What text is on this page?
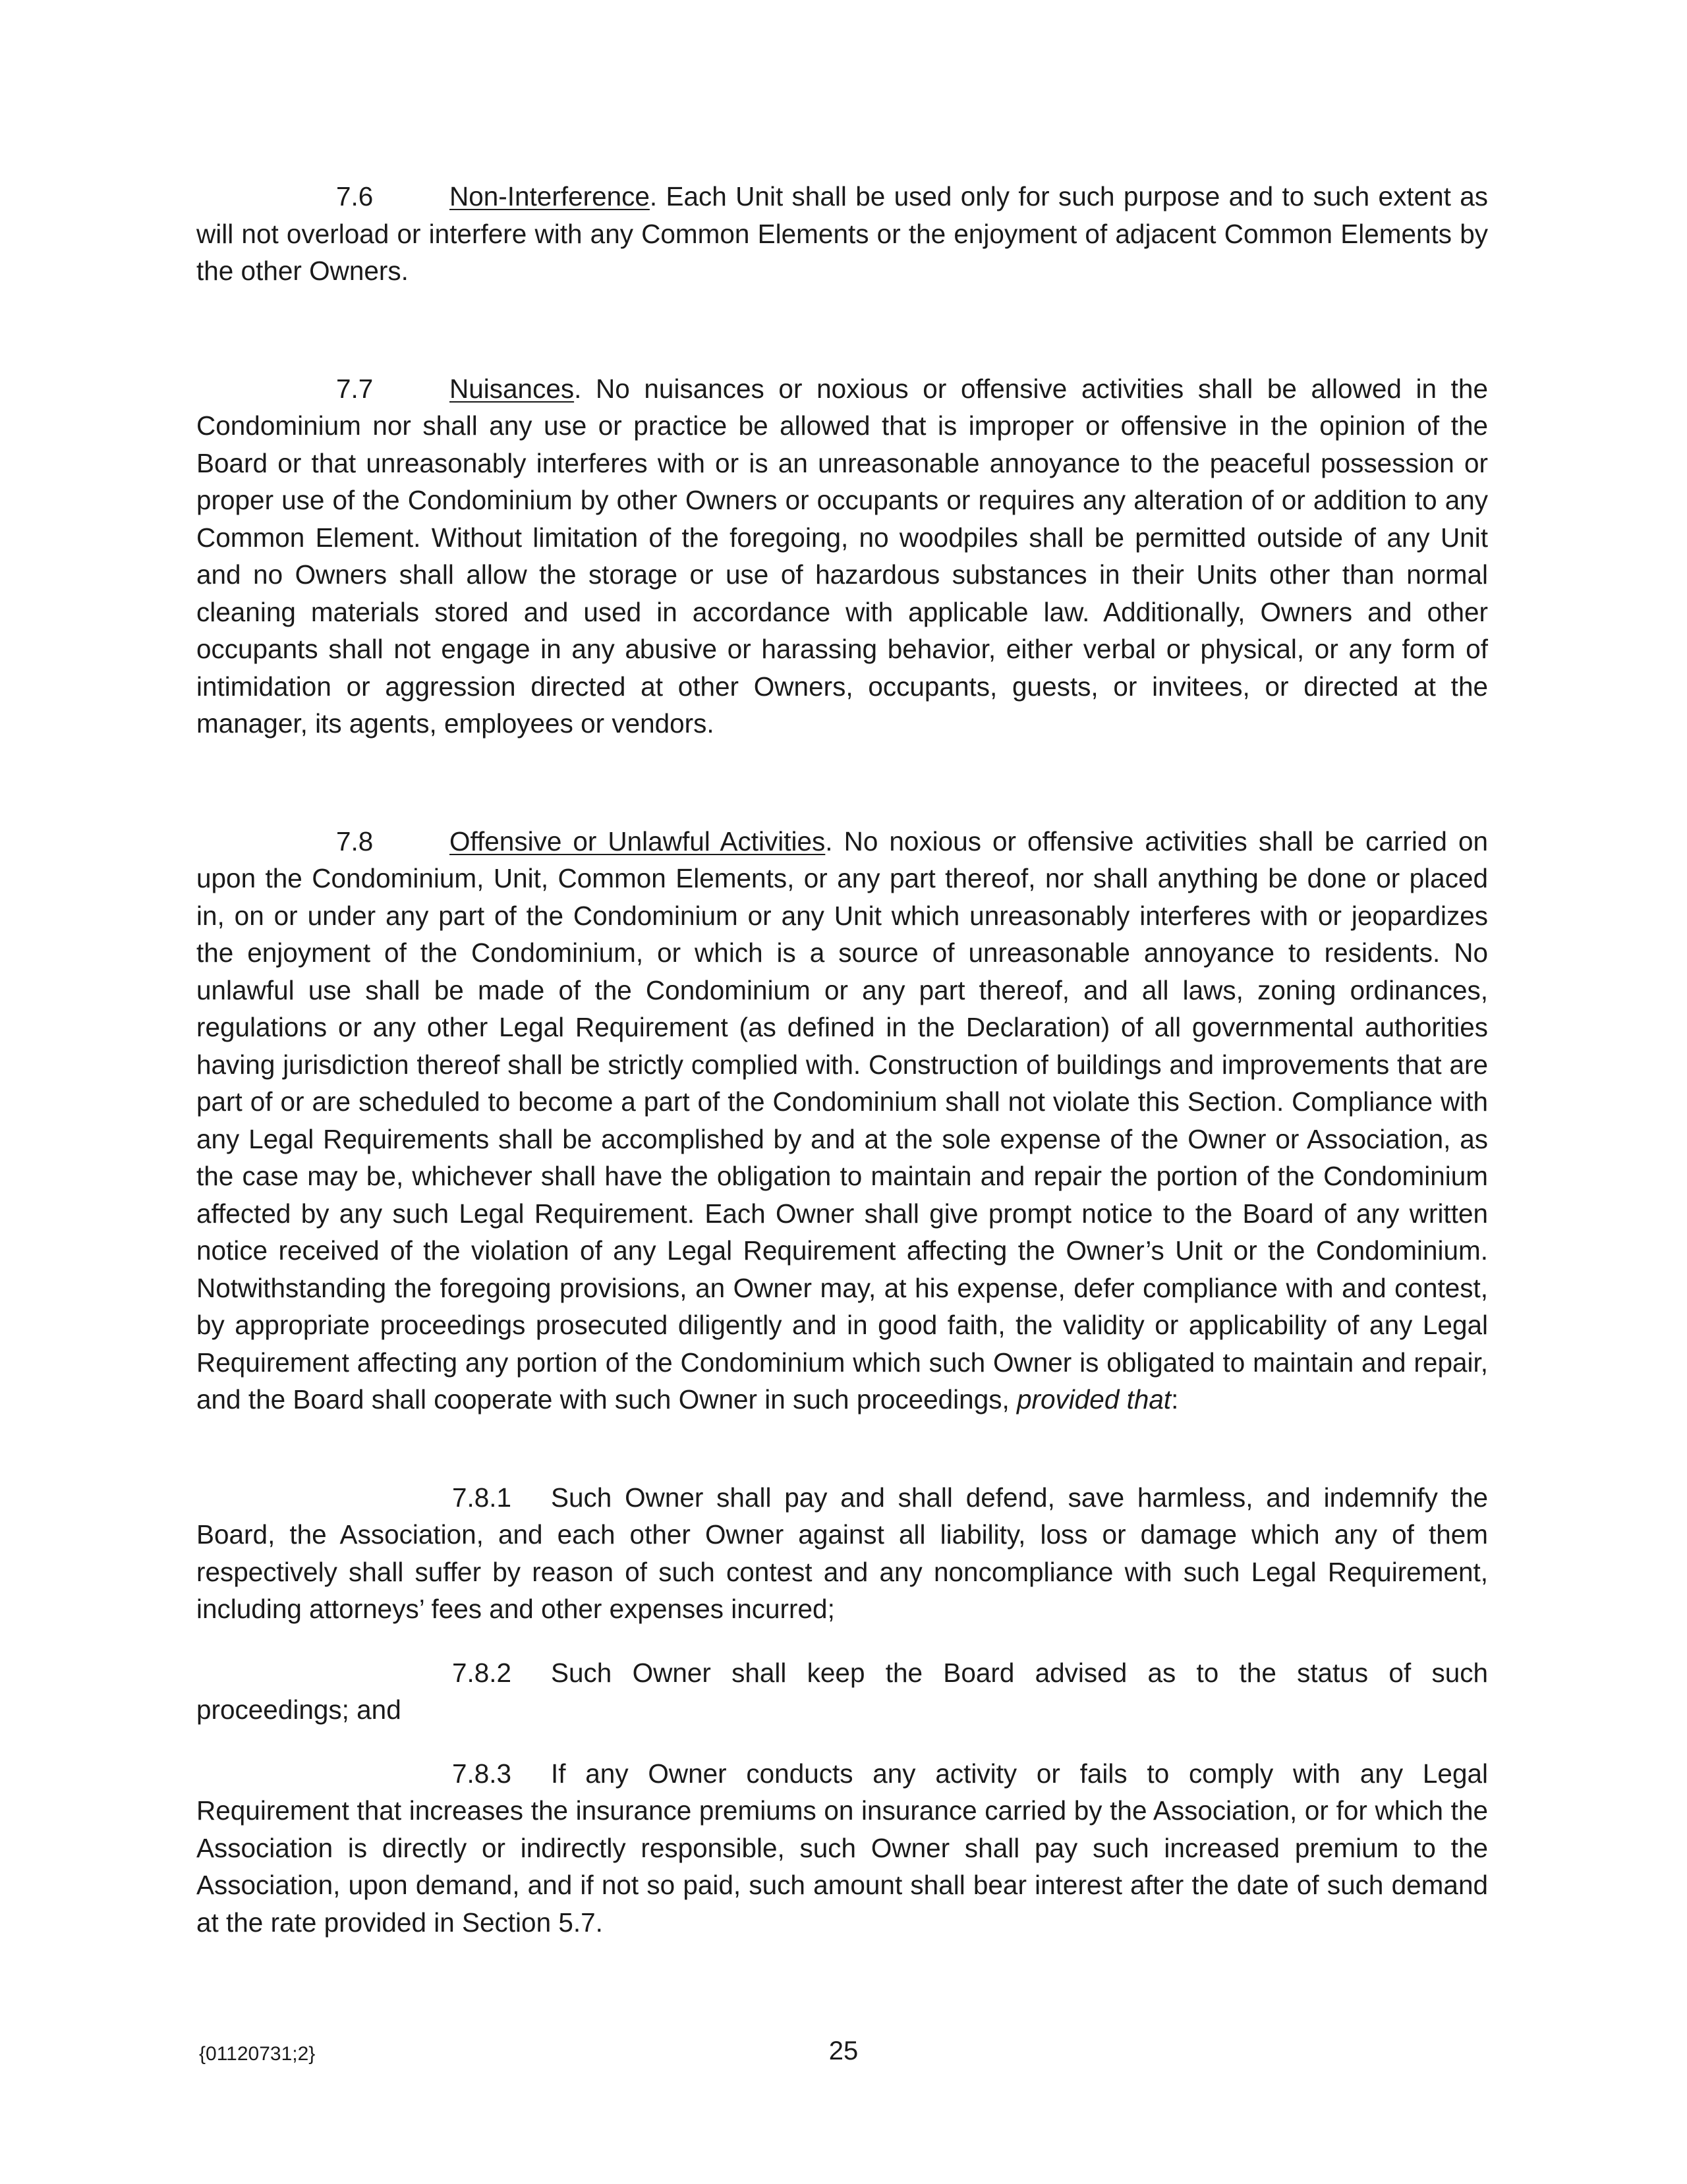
7.6	Non-Interference. Each Unit shall be used only for such purpose and to such extent as will not overload or interfere with any Common Elements or the enjoyment of adjacent Common Elements by the other Owners.

7.7	Nuisances. No nuisances or noxious or offensive activities shall be allowed in the Condominium nor shall any use or practice be allowed that is improper or offensive in the opinion of the Board or that unreasonably interferes with or is an unreasonable annoyance to the peaceful possession or proper use of the Condominium by other Owners or occupants or requires any alteration of or addition to any Common Element. Without limitation of the foregoing, no woodpiles shall be permitted outside of any Unit and no Owners shall allow the storage or use of hazardous substances in their Units other than normal cleaning materials stored and used in accordance with applicable law. Additionally, Owners and other occupants shall not engage in any abusive or harassing behavior, either verbal or physical, or any form of intimidation or aggression directed at other Owners, occupants, guests, or invitees, or directed at the manager, its agents, employees or vendors.

7.8	Offensive or Unlawful Activities. No noxious or offensive activities shall be carried on upon the Condominium, Unit, Common Elements, or any part thereof, nor shall anything be done or placed in, on or under any part of the Condominium or any Unit which unreasonably interferes with or jeopardizes the enjoyment of the Condominium, or which is a source of unreasonable annoyance to residents. No unlawful use shall be made of the Condominium or any part thereof, and all laws, zoning ordinances, regulations or any other Legal Requirement (as defined in the Declaration) of all governmental authorities having jurisdiction thereof shall be strictly complied with. Construction of buildings and improvements that are part of or are scheduled to become a part of the Condominium shall not violate this Section. Compliance with any Legal Requirements shall be accomplished by and at the sole expense of the Owner or Association, as the case may be, whichever shall have the obligation to maintain and repair the portion of the Condominium affected by any such Legal Requirement. Each Owner shall give prompt notice to the Board of any written notice received of the violation of any Legal Requirement affecting the Owner’s Unit or the Condominium. Notwithstanding the foregoing provisions, an Owner may, at his expense, defer compliance with and contest, by appropriate proceedings prosecuted diligently and in good faith, the validity or applicability of any Legal Requirement affecting any portion of the Condominium which such Owner is obligated to maintain and repair, and the Board shall cooperate with such Owner in such proceedings, provided that:

7.8.1 Such Owner shall pay and shall defend, save harmless, and indemnify the Board, the Association, and each other Owner against all liability, loss or damage which any of them respectively shall suffer by reason of such contest and any noncompliance with such Legal Requirement, including attorneys’ fees and other expenses incurred;

7.8.2 Such Owner shall keep the Board advised as to the status of such proceedings; and

7.8.3 If any Owner conducts any activity or fails to comply with any Legal Requirement that increases the insurance premiums on insurance carried by the Association, or for which the Association is directly or indirectly responsible, such Owner shall pay such increased premium to the Association, upon demand, and if not so paid, such amount shall bear interest after the date of such demand at the rate provided in Section 5.7.

{01120731;2}	25
